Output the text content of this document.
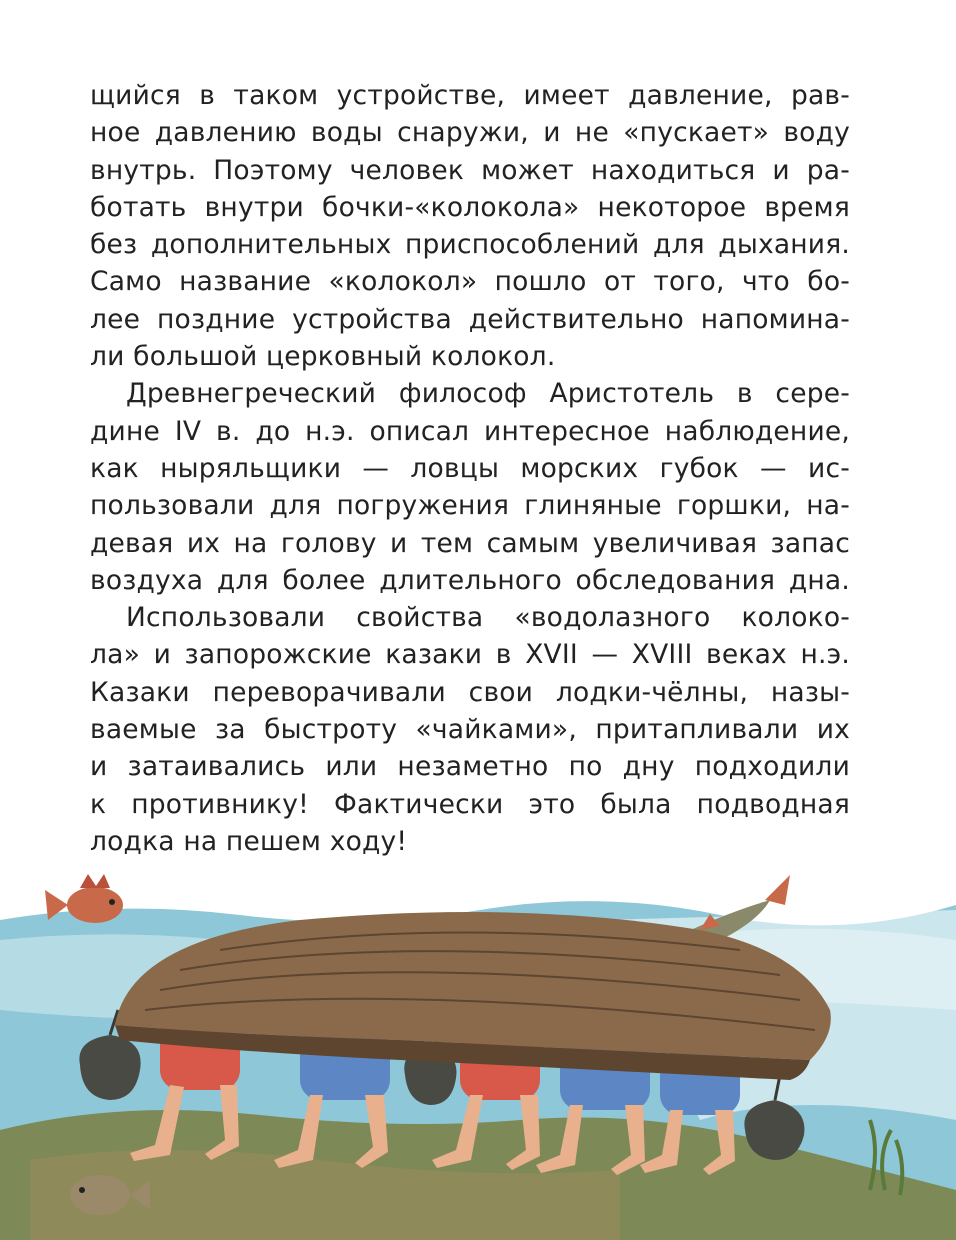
щийся в таком устройстве, имеет давление, рав-
ное давлению воды снаружи, и не «пускает» воду
внутрь. Поэтому человек может находиться и ра-
ботать внутри бочки-«колокола» некоторое время
без дополнительных приспособлений для дыхания.
Само название «колокол» пошло от того, что бо-
лее поздние устройства действительно напомина-
ли большой церковный колокол.
Древнегреческий философ Аристотель в сере-
дине IV в. до н.э. описал интересное наблюдение,
как ныряльщики — ловцы морских губок — ис-
пользовали для погружения глиняные горшки, на-
девая их на голову и тем самым увеличивая запас
воздуха для более длительного обследования дна.
Использовали свойства «водолазного колоко-
ла» и запорожские казаки в XVII — XVIII веках н.э.
Казаки переворачивали свои лодки-чёлны, назы-
ваемые за быстроту «чайками», притапливали их
и затаивались или незаметно по дну подходили
к противнику! Фактически это была подводная
лодка на пешем ходу!
